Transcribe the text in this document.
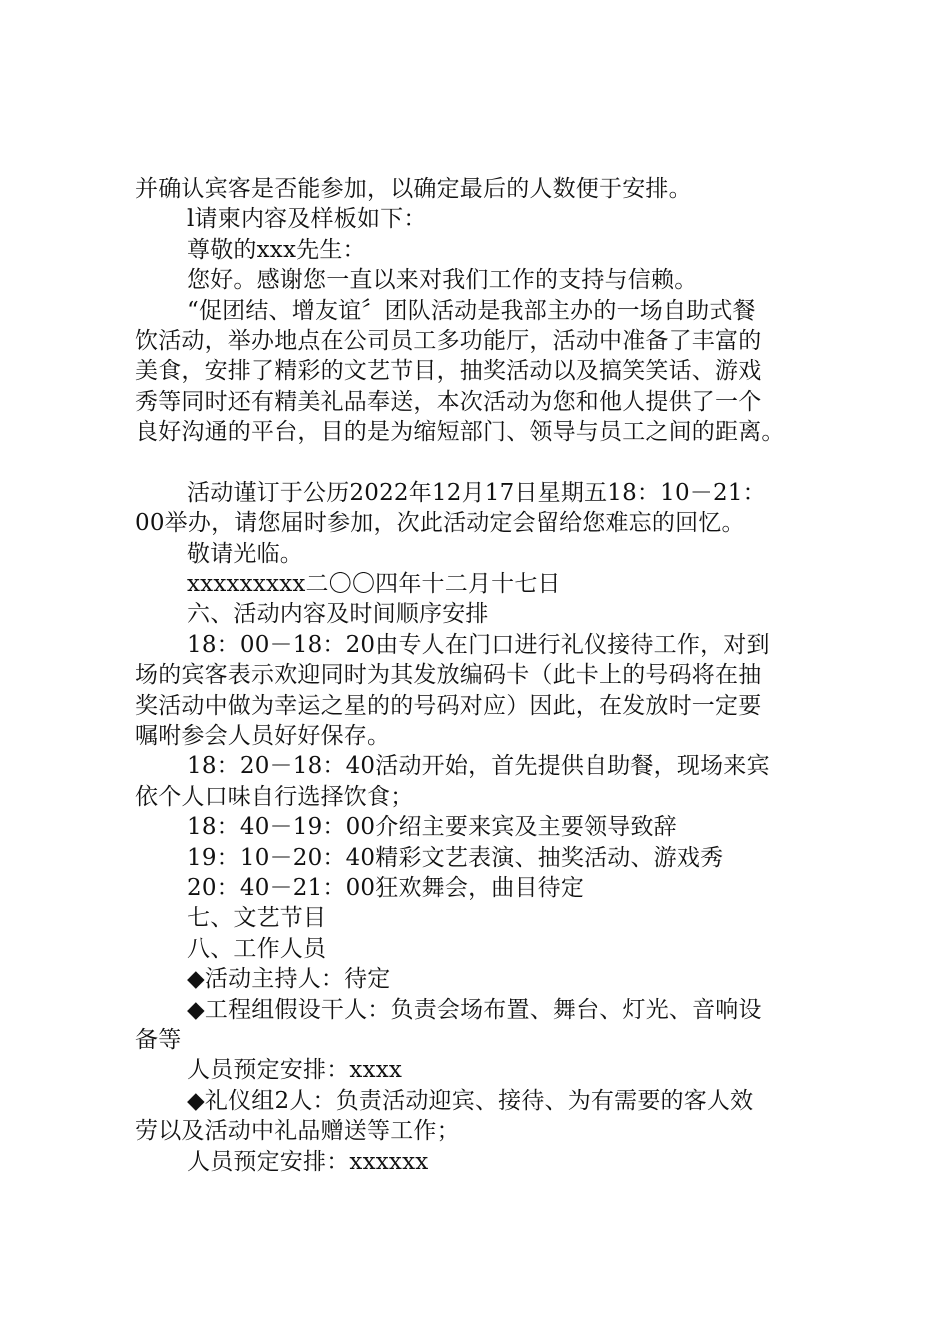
并确认宾客是否能参加，以确定最后的人数便于安排。
l请柬内容及样板如下：
尊敬的xxx先生：
您好。感谢您一直以来对我们工作的支持与信赖。
“促团结、增友谊〞团队活动是我部主办的一场自助式餐
饮活动，举办地点在公司员工多功能厅，活动中准备了丰富的
美食，安排了精彩的文艺节目，抽奖活动以及搞笑笑话、游戏
秀等同时还有精美礼品奉送，本次活动为您和他人提供了一个
良好沟通的平台，目的是为缩短部门、领导与员工之间的距离。
活动谨订于公历2022年12月17日星期五18：10－21：
00举办，请您届时参加，次此活动定会留给您难忘的回忆。
敬请光临。
xxxxxxxxx二〇〇四年十二月十七日
六、活动内容及时间顺序安排
18：00－18：20由专人在门口进行礼仪接待工作，对到
场的宾客表示欢迎同时为其发放编码卡（此卡上的号码将在抽
奖活动中做为幸运之星的的号码对应）因此，在发放时一定要
嘱咐参会人员好好保存。
18：20－18：40活动开始，首先提供自助餐，现场来宾
依个人口味自行选择饮食；
18：40－19：00介绍主要来宾及主要领导致辞
19：10－20：40精彩文艺表演、抽奖活动、游戏秀
20：40－21：00狂欢舞会，曲目待定
七、文艺节目
八、工作人员
◆活动主持人：待定
◆工程组假设干人：负责会场布置、舞台、灯光、音响设
备等
人员预定安排：xxxx
◆礼仪组2人：负责活动迎宾、接待、为有需要的客人效
劳以及活动中礼品赠送等工作；
人员预定安排：xxxxxx
